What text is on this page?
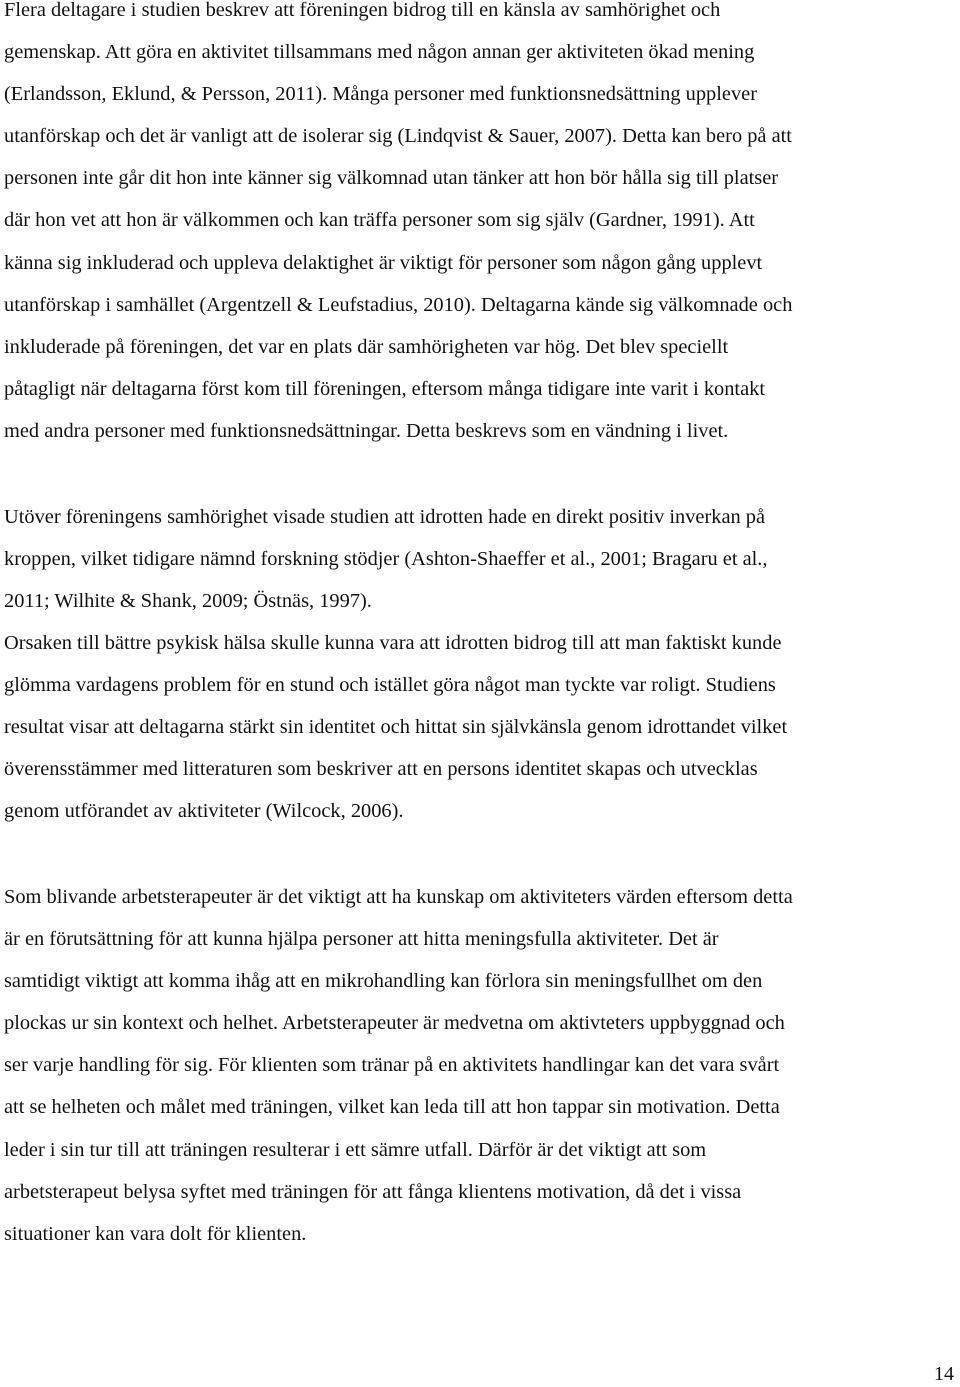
Flera deltagare i studien beskrev att föreningen bidrog till en känsla av samhörighet och
gemenskap. Att göra en aktivitet tillsammans med någon annan ger aktiviteten ökad mening
(Erlandsson, Eklund, & Persson, 2011). Många personer med funktionsnedsättning upplever
utanförskap och det är vanligt att de isolerar sig (Lindqvist & Sauer, 2007). Detta kan bero på att
personen inte går dit hon inte känner sig välkomnad utan tänker att hon bör hålla sig till platser
där hon vet att hon är välkommen och kan träffa personer som sig själv (Gardner, 1991). Att
känna sig inkluderad och uppleva delaktighet är viktigt för personer som någon gång upplevt
utanförskap i samhället (Argentzell & Leufstadius, 2010). Deltagarna kände sig välkomnade och
inkluderade på föreningen, det var en plats där samhörigheten var hög. Det blev speciellt
påtagligt när deltagarna först kom till föreningen, eftersom många tidigare inte varit i kontakt
med andra personer med funktionsnedsättningar. Detta beskrevs som en vändning i livet.

Utöver föreningens samhörighet visade studien att idrotten hade en direkt positiv inverkan på
kroppen, vilket tidigare nämnd forskning stödjer (Ashton-Shaeffer et al., 2001; Bragaru et al.,
2011; Wilhite & Shank, 2009; Östnäs, 1997).

Orsaken till bättre psykisk hälsa skulle kunna vara att idrotten bidrog till att man faktiskt kunde
glömma vardagens problem för en stund och istället göra något man tyckte var roligt. Studiens
resultat visar att deltagarna stärkt sin identitet och hittat sin självkänsla genom idrottandet vilket
överensstämmer med litteraturen som beskriver att en persons identitet skapas och utvecklas
genom utförandet av aktiviteter (Wilcock, 2006).

Som blivande arbetsterapeuter är det viktigt att ha kunskap om aktiviteters värden eftersom detta
är en förutsättning för att kunna hjälpa personer att hitta meningsfulla aktiviteter. Det är
samtidigt viktigt att komma ihåg att en mikrohandling kan förlora sin meningsfullhet om den
plockas ur sin kontext och helhet. Arbetsterapeuter är medvetna om aktivteters uppbyggnad och
ser varje handling för sig. För klienten som tränar på en aktivitets handlingar kan det vara svårt
att se helheten och målet med träningen, vilket kan leda till att hon tappar sin motivation. Detta
leder i sin tur till att träningen resulterar i ett sämre utfall. Därför är det viktigt att som
arbetsterapeut belysa syftet med träningen för att fånga klientens motivation, då det i vissa
situationer kan vara dolt för klienten.

14
